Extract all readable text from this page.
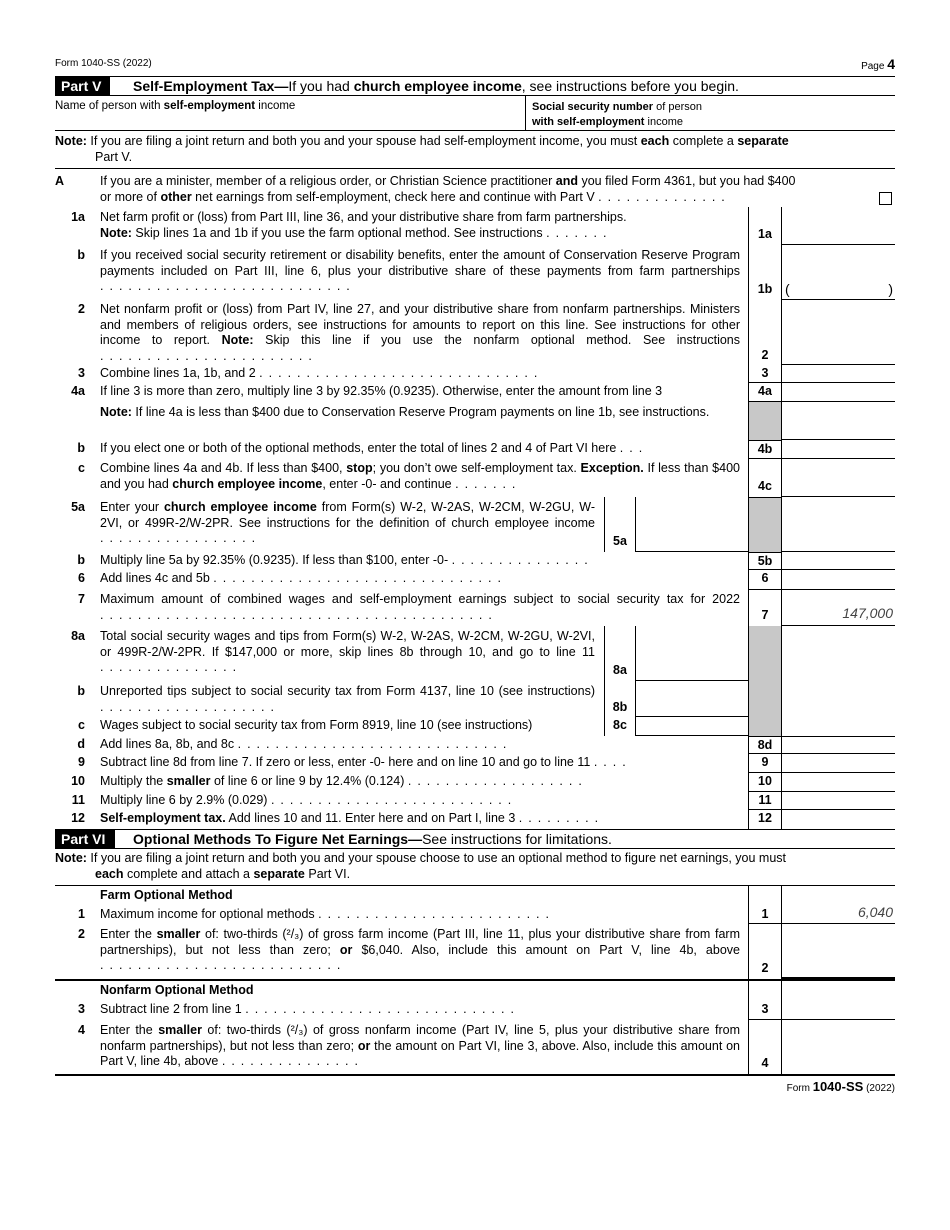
Form 1040-SS (2022)	Page 4
Part V	Self-Employment Tax—If you had church employee income, see instructions before you begin.
Name of person with self-employment income	Social security number of person
with self-employment income
Note: If you are filing a joint return and both you and your spouse had self-employment income, you must each complete a separate
Part V.
A	If you are a minister, member of a religious order, or Christian Science practitioner and you filed Form 4361, but you had $400
or more of other net earnings from self-employment, check here and continue with Part V ..............
1a Net farm profit or (loss) from Part III, line 36, and your distributive share from farm partnerships.
Note: Skip lines 1a and 1b if you use the farm optional method. See instructions .......	1a
b If you received social security retirement or disability benefits, enter the amount of Conservation Reserve Program payments included on Part III, line 6, plus your distributive share of these payments from farm partnerships ...........................	1b (	)
2 Net nonfarm profit or (loss) from Part IV, line 27, and your distributive share from nonfarm partnerships. Ministers and members of religious orders, see instructions for amounts to report on this line. See instructions for other income to report. Note: Skip this line if you use the nonfarm optional method. See instructions .......................	2
3 Combine lines 1a, 1b, and 2 ..............................	3
4a If line 3 is more than zero, multiply line 3 by 92.35% (0.9235). Otherwise, enter the amount from line 3	4a
Note: If line 4a is less than $400 due to Conservation Reserve Program payments on line 1b, see instructions.
b If you elect one or both of the optional methods, enter the total of lines 2 and 4 of Part VI here ...	4b
c Combine lines 4a and 4b. If less than $400, stop; you don’t owe self-employment tax. Exception. If less than $400 and you had church employee income, enter -0- and continue .......	4c
5a Enter your church employee income from Form(s) W-2, W-2AS, W-2CM, W-2GU, W-2VI, or 499R-2/W-2PR. See instructions for the definition of church employee income .................	5a
b Multiply line 5a by 92.35% (0.9235). If less than $100, enter -0- ...............	5b
6 Add lines 4c and 5b ...............................	6
7 Maximum amount of combined wages and self-employment earnings subject to social security tax for 2022 ..........................................	7	147,000
8a Total social security wages and tips from Form(s) W-2, W-2AS, W-2CM, W-2GU, W-2VI, or 499R-2/W-2PR. If $147,000 or more, skip lines 8b through 10, and go to line 11 ...............	8a
b Unreported tips subject to social security tax from Form 4137, line 10 (see instructions) ...................	8b
c Wages subject to social security tax from Form 8919, line 10 (see instructions)	8c
d Add lines 8a, 8b, and 8c .............................	8d
9 Subtract line 8d from line 7. If zero or less, enter -0- here and on line 10 and go to line 11 ....	9
10 Multiply the smaller of line 6 or line 9 by 12.4% (0.124) ...................	10
11 Multiply line 6 by 2.9% (0.029) ..........................	11
12 Self-employment tax. Add lines 10 and 11. Enter here and on Part I, line 3 .........	12
Part VI	Optional Methods To Figure Net Earnings—See instructions for limitations.
Note: If you are filing a joint return and both you and your spouse choose to use an optional method to figure net earnings, you must
each complete and attach a separate Part VI.
Farm Optional Method
1 Maximum income for optional methods .........................	1	6,040
2 Enter the smaller of: two-thirds (²/₃) of gross farm income (Part III, line 11, plus your distributive share from farm partnerships), but not less than zero; or $6,040. Also, include this amount on Part V, line 4b, above ..........................	2
Nonfarm Optional Method
3 Subtract line 2 from line 1 .............................	3
4 Enter the smaller of: two-thirds (²/₃) of gross nonfarm income (Part IV, line 5, plus your distributive share from nonfarm partnerships), but not less than zero; or the amount on Part VI, line 3, above. Also, include this amount on Part V, line 4b, above ...............	4
Form 1040-SS (2022)
